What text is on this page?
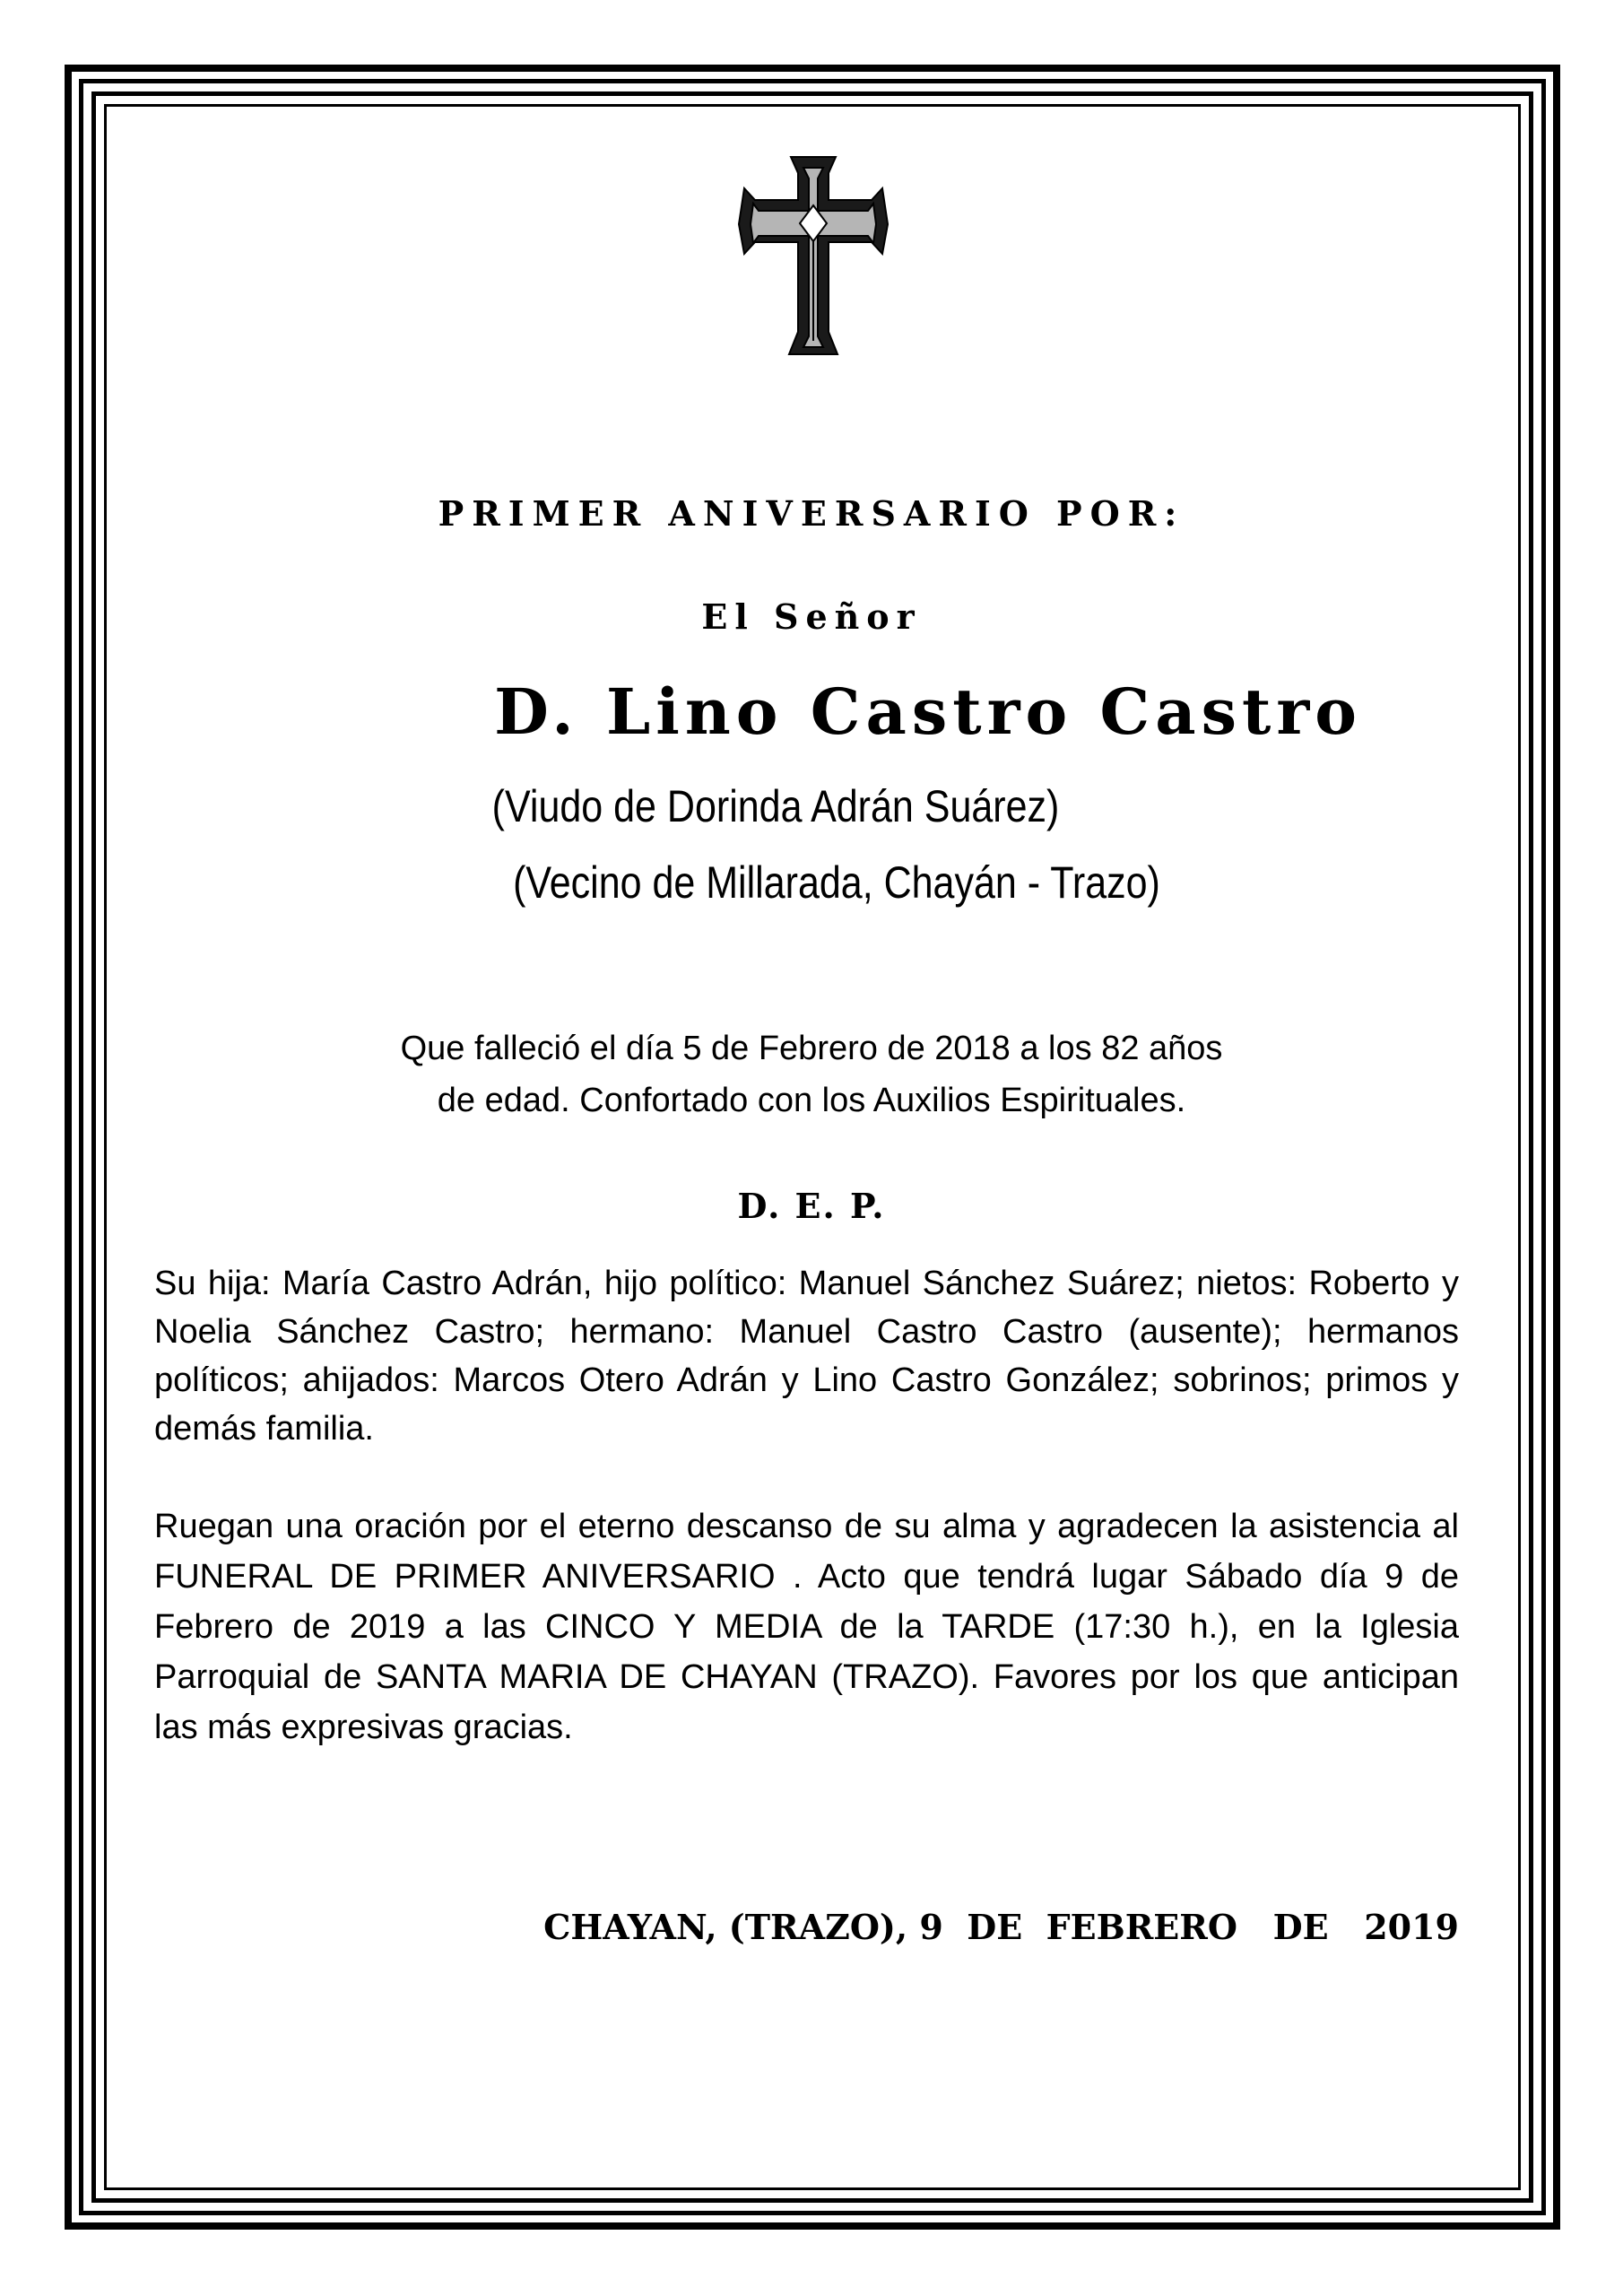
PRIMER ANIVERSARIO POR:
El Señor
D. Lino Castro Castro
(Viudo de Dorinda Adrán Suárez)
(Vecino de Millarada, Chayán - Trazo)
Que falleció el día 5 de Febrero de 2018 a los 82 años
de edad. Confortado con los Auxilios Espirituales.
D. E. P.
Su hija: María Castro Adrán, hijo político: Manuel Sánchez Suárez; nietos: Roberto y Noelia Sánchez Castro; hermano: Manuel Castro Castro (ausente); hermanos políticos; ahijados: Marcos Otero Adrán y Lino Castro González; sobrinos; primos y demás familia.
Ruegan una oración por el eterno descanso de su alma y agradecen la asistencia al FUNERAL DE PRIMER ANIVERSARIO . Acto que tendrá lugar Sábado día 9 de Febrero de 2019 a las CINCO Y MEDIA de la TARDE (17:30 h.), en la Iglesia Parroquial de SANTA MARIA DE CHAYAN (TRAZO). Favores por los que anticipan las más expresivas gracias.
CHAYAN, (TRAZO), 9  DE  FEBRERO   DE   2019
